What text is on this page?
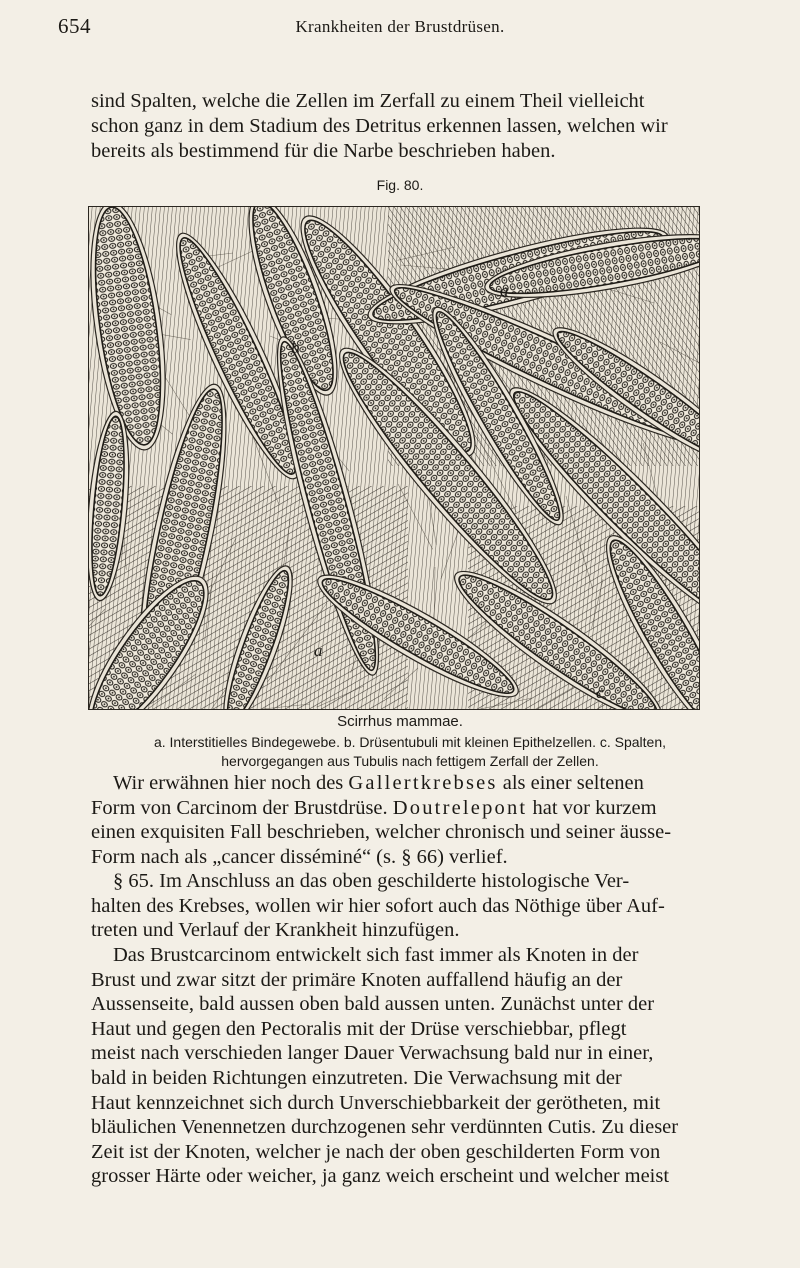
654	Krankheiten der Brustdrüsen.
sind Spalten, welche die Zellen im Zerfall zu einem Theil vielleicht
schon ganz in dem Stadium des Detritus erkennen lassen, welchen wir
bereits als bestimmend für die Narbe beschrieben haben.
Fig. 80.
a
b
a
c
Scirrhus mammae.
a. Interstitielles Bindegewebe. b. Drüsentubuli mit kleinen Epithelzellen. c. Spalten,
hervorgegangen aus Tubulis nach fettigem Zerfall der Zellen.
Wir erwähnen hier noch des Gallertkrebses als einer seltenen
Form von Carcinom der Brustdrüse. Doutrelepont hat vor kurzem
einen exquisiten Fall beschrieben, welcher chronisch und seiner äusse-
Form nach als „cancer disséminé“ (s. § 66) verlief.
§ 65. Im Anschluss an das oben geschilderte histologische Ver-
halten des Krebses, wollen wir hier sofort auch das Nöthige über Auf-
treten und Verlauf der Krankheit hinzufügen.
Das Brustcarcinom entwickelt sich fast immer als Knoten in der
Brust und zwar sitzt der primäre Knoten auffallend häufig an der
Aussenseite, bald aussen oben bald aussen unten. Zunächst unter der
Haut und gegen den Pectoralis mit der Drüse verschiebbar, pflegt
meist nach verschieden langer Dauer Verwachsung bald nur in einer,
bald in beiden Richtungen einzutreten. Die Verwachsung mit der
Haut kennzeichnet sich durch Unverschiebbarkeit der gerötheten, mit
bläulichen Venennetzen durchzogenen sehr verdünnten Cutis. Zu dieser
Zeit ist der Knoten, welcher je nach der oben geschilderten Form von
grosser Härte oder weicher, ja ganz weich erscheint und welcher meist
